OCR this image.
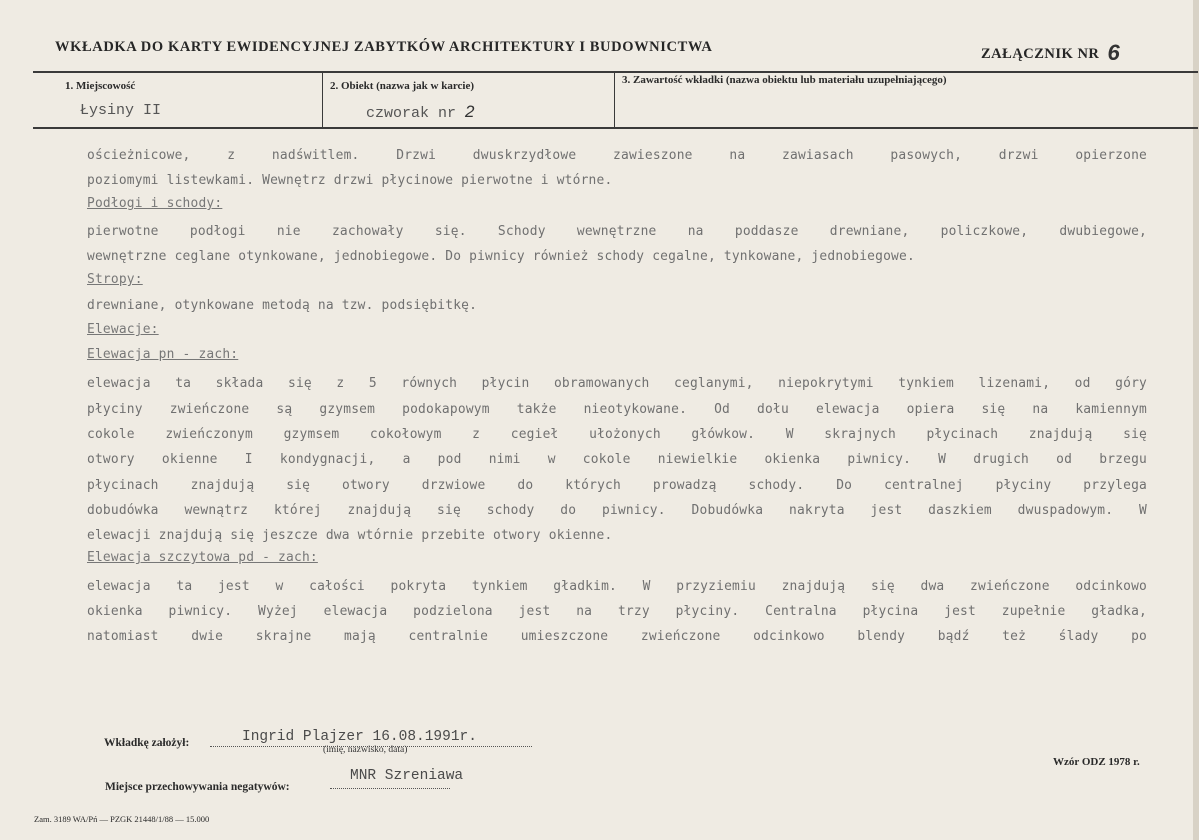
WKŁADKA DO KARTY EWIDENCYJNEJ ZABYTKÓW ARCHITEKTURY I BUDOWNICTWA	ZAŁĄCZNIK NR 6
1. Miejscowość
Łysiny II
2. Obiekt (nazwa jak w karcie)
czworak nr 2
3. Zawartość wkładki (nazwa obiektu lub materiału uzupełniającego)
ościeżnicowe, z nadświtlem. Drzwi dwuskrzydłowe zawieszone na zawiasach pasowych, drzwi opierzone
poziomymi listewkami. Wewnętrz drzwi płycinowe pierwotne i wtórne.
Podłogi i schody:
pierwotne podłogi nie zachowały się. Schody wewnętrzne na poddasze drewniane, policzkowe, dwubiegowe,
wewnętrzne ceglane otynkowane, jednobiegowe. Do piwnicy również schody cegalne, tynkowane, jednobiegowe.
Stropy:
drewniane, otynkowane metodą na tzw. podsiębitkę.
Elewacje:
Elewacja pn - zach:
elewacja ta składa się z 5 równych płycin obramowanych ceglanymi, niepokrytymi tynkiem lizenami, od góry
płyciny zwieńczone są gzymsem podokapowym także nieotykowane. Od dołu elewacja opiera się na kamiennym
cokole zwieńczonym gzymsem cokołowym z cegieł ułożonych główkow. W skrajnych płycinach znajdują się
otwory okienne I kondygnacji, a pod nimi w cokole niewielkie okienka piwnicy. W drugich od brzegu
płycinach znajdują się otwory drzwiowe do których prowadzą schody. Do centralnej płyciny przylega
dobudówka wewnątrz której znajdują się schody do piwnicy. Dobudówka nakryta jest daszkiem dwuspadowym. W
elewacji znajdują się jeszcze dwa wtórnie przebite otwory okienne.
Elewacja szczytowa pd - zach:
elewacja ta jest w całości pokryta tynkiem gładkim. W przyziemiu znajdują się dwa zwieńczone odcinkowo
okienka piwnicy. Wyżej elewacja podzielona jest na trzy płyciny. Centralna płycina jest zupełnie gładka,
natomiast dwie skrajne mają centralnie umieszczone zwieńczone odcinkowo blendy bądź też ślady po
Wkładkę założył:	Ingrid Plajzer 16.08.1991r.
(imię, nazwisko, data)
Miejsce przechowywania negatywów:
MNR Szreniawa
Wzór ODZ 1978 r.
Zam. 3189 WA/Pń — PZGK 21448/1/88 — 15.000
